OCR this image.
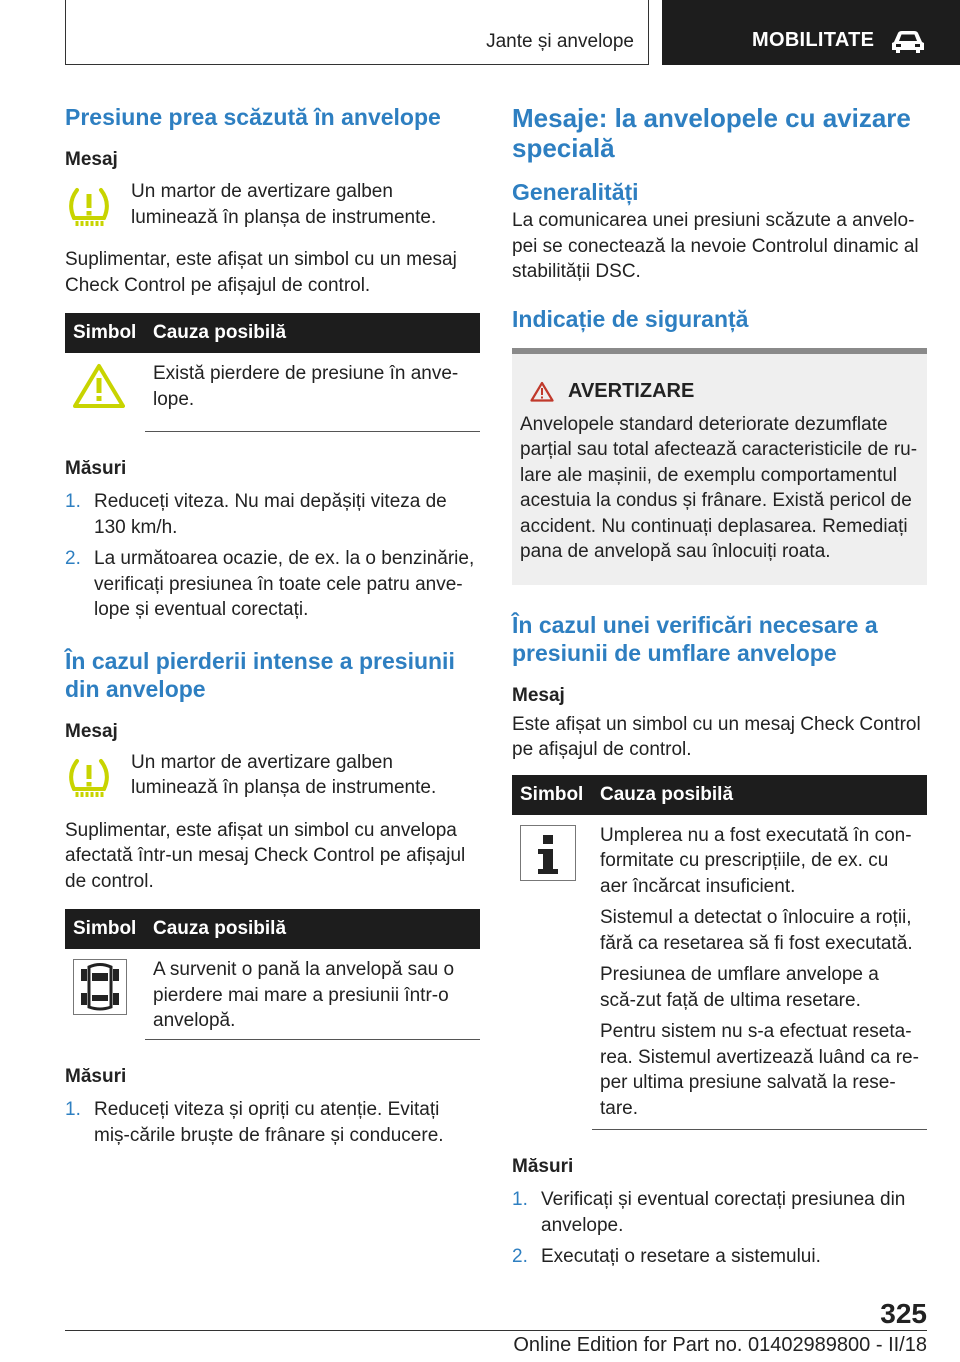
Jante și anvelope	MOBILITATE
Presiune prea scăzută în anvelope
Mesaj
Un martor de avertizare galben luminează în planșa de instrumente.
Suplimentar, este afișat un simbol cu un mesaj Check Control pe afișajul de control.
Simbol	Cauza posibilă
	Există pierdere de presiune în anve-lope.
Măsuri
1. Reduceți viteza. Nu mai depășiți viteza de 130 km/h.
2. La următoarea ocazie, de ex. la o benzinărie, verificați presiunea în toate cele patru anve-lope și eventual corectați.
În cazul pierderii intense a presiunii din anvelope
Mesaj
Un martor de avertizare galben luminează în planșa de instrumente.
Suplimentar, este afișat un simbol cu anvelopa afectată într-un mesaj Check Control pe afișajul de control.
Simbol	Cauza posibilă
	A survenit o pană la anvelopă sau o pierdere mai mare a presiunii într-o anvelopă.
Măsuri
1. Reduceți viteza și opriți cu atenție. Evitați miș-cările bruște de frânare și conducere.
Mesaje: la anvelopele cu avizare specială
Generalități
La comunicarea unei presiuni scăzute a anvelo-pei se conectează la nevoie Controlul dinamic al stabilității DSC.
Indicație de siguranță
AVERTIZARE
Anvelopele standard deteriorate dezumflate parțial sau total afectează caracteristicile de ru-lare ale mașinii, de exemplu comportamentul acestuia la condus și frânare. Există pericol de accident. Nu continuați deplasarea. Remediați pana de anvelopă sau înlocuiți roata.
În cazul unei verificări necesare a presiunii de umflare anvelope
Mesaj
Este afișat un simbol cu un mesaj Check Control pe afișajul de control.
Simbol	Cauza posibilă

Umplerea nu a fost executată în con-formitate cu prescripțiile, de ex. cu aer încărcat insuficient.
Sistemul a detectat o înlocuire a roții, fără ca resetarea să fi fost executată.
Presiunea de umflare anvelope a scă-zut față de ultima resetare.
Pentru sistem nu s-a efectuat reseta-rea. Sistemul avertizează luând ca re-per ultima presiune salvată la rese-tare.
Măsuri
1. Verificați și eventual corectați presiunea din anvelope.
2. Executați o resetare a sistemului.
325
Online Edition for Part no. 01402989800 - II/18
